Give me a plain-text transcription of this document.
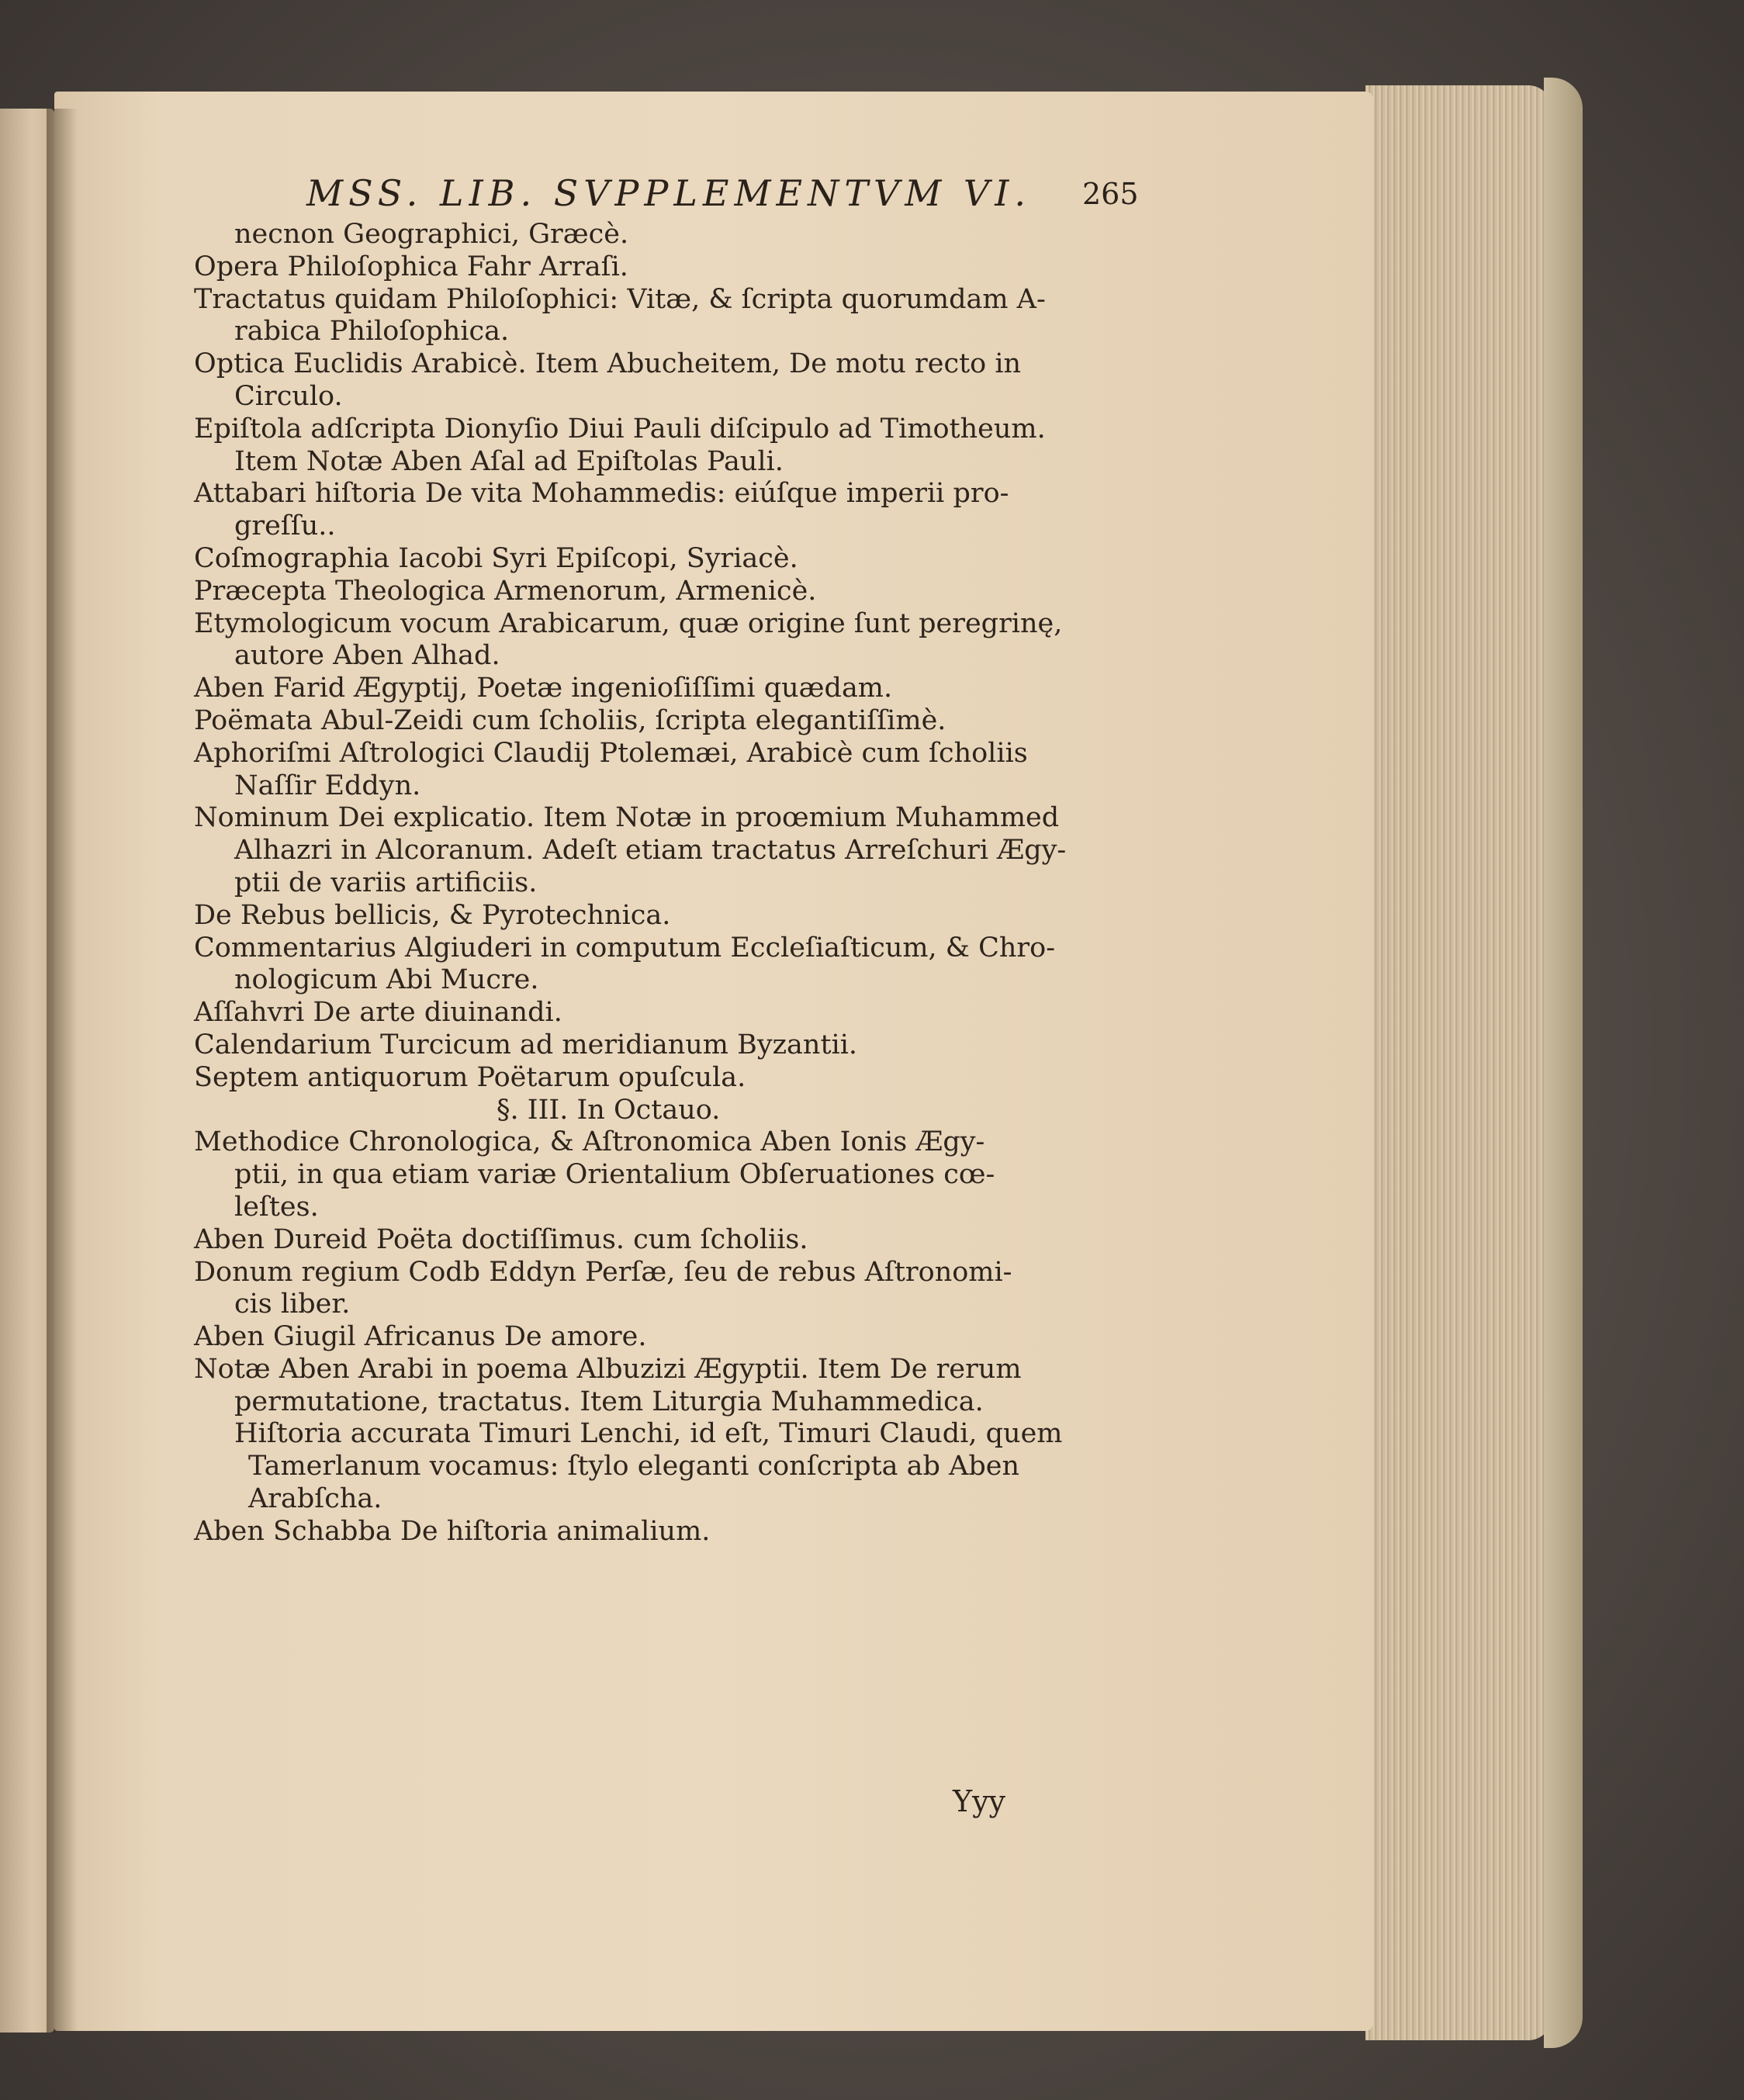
MSS. LIB. SVPPLEMENTVM VI. 265
necnon Geographici, Græcè.
Opera Philoſophica Fahr Arraſi.
Tractatus quidam Philoſophici: Vitæ, & ſcripta quorumdam A-
rabica Philoſophica.
Optica Euclidis Arabicè. Item Abucheitem, De motu recto in
Circulo.
Epiſtola adſcripta Dionyſio Diui Pauli diſcipulo ad Timotheum.
Item Notæ Aben Aſal ad Epiſtolas Pauli.
Attabari hiſtoria De vita Mohammedis: eiúſque imperii pro-
greſſu..
Coſmographia Iacobi Syri Epiſcopi, Syriacè.
Præcepta Theologica Armenorum, Armenicè.
Etymologicum vocum Arabicarum, quæ origine ſunt peregrinę,
autore Aben Alhad.
Aben Farid Ægyptij, Poetæ ingenioſiſſimi quædam.
Poëmata Abul-Zeidi cum ſcholiis, ſcripta elegantiſſimè.
Aphoriſmi Aſtrologici Claudij Ptolemæi, Arabicè cum ſcholiis
Naſſir Eddyn.
Nominum Dei explicatio. Item Notæ in proœmium Muhammed
Alhazri in Alcoranum. Adeſt etiam tractatus Arreſchuri Ægy-
ptii de variis artificiis.
De Rebus bellicis, & Pyrotechnica.
Commentarius Algiuderi in computum Eccleſiaſticum, & Chro-
nologicum Abi Mucre.
Aſſahvri De arte diuinandi.
Calendarium Turcicum ad meridianum Byzantii.
Septem antiquorum Poëtarum opuſcula.
§. III. In Octauo.
Methodice Chronologica, & Aſtronomica Aben Ionis Ægy-
ptii, in qua etiam variæ Orientalium Obſeruationes cœ-
leſtes.
Aben Dureid Poëta doctiſſimus. cum ſcholiis.
Donum regium Codb Eddyn Perſæ, ſeu de rebus Aſtronomi-
cis liber.
Aben Giugil Africanus De amore.
Notæ Aben Arabi in poema Albuzizi Ægyptii. Item De rerum
permutatione, tractatus. Item Liturgia Muhammedica.
Hiſtoria accurata Timuri Lenchi, id eſt, Timuri Claudi, quem
Tamerlanum vocamus: ſtylo eleganti conſcripta ab Aben
Arabſcha.
Aben Schabba De hiſtoria animalium.
Yyy
